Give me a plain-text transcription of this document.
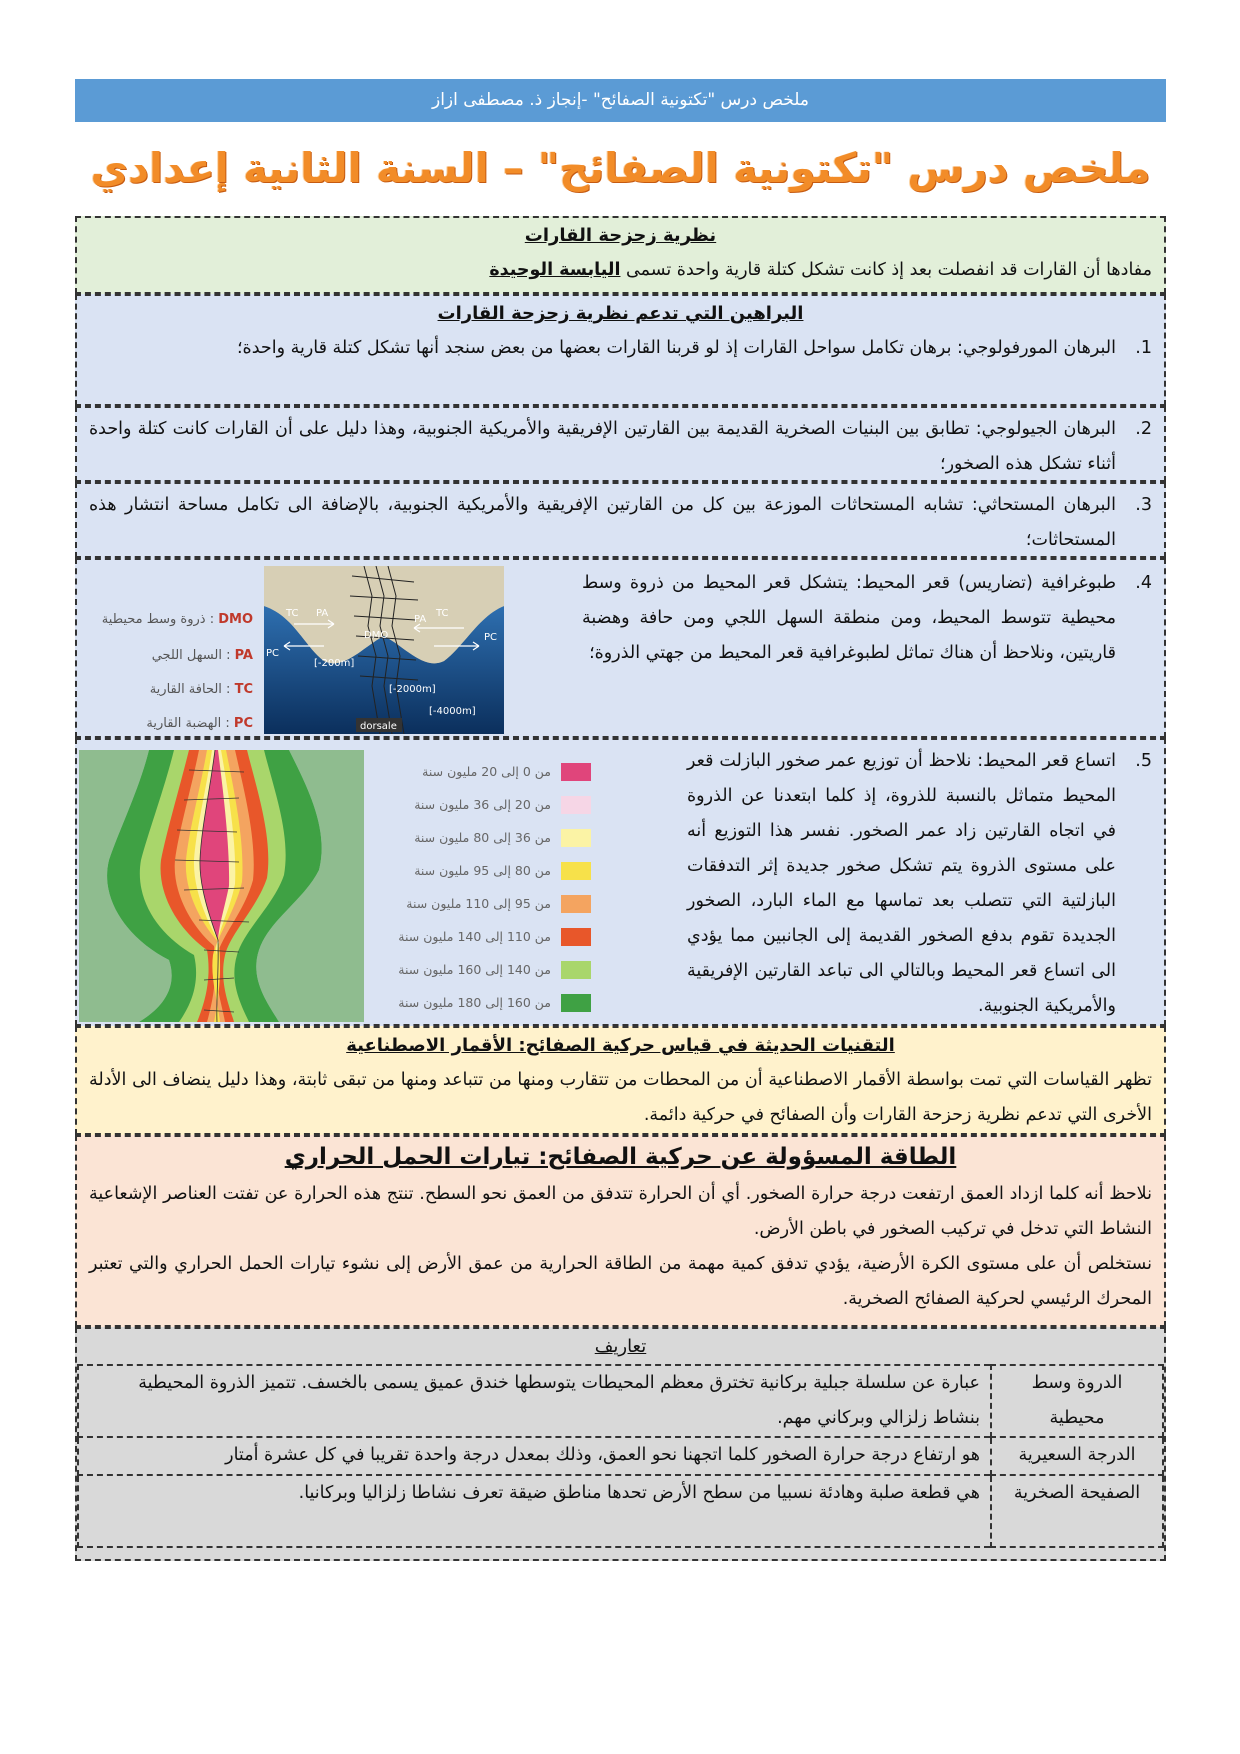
ملخص درس "تكتونية الصفائح" -إنجاز ذ. مصطفى ازاز
ملخص درس "تكتونية الصفائح" – السنة الثانية إعدادي
نظرية زحزحة القارات
مفادها أن القارات قد انفصلت بعد إذ كانت تشكل كتلة قارية واحدة تسمى اليابسة الوحيدة
البراهين التي تدعم نظرية زحزحة القارات
1.
البرهان المورفولوجي: برهان تكامل سواحل القارات إذ لو قربنا القارات بعضها من بعض سنجد أنها تشكل كتلة قارية واحدة؛
2.
البرهان الجيولوجي: تطابق بين البنيات الصخرية القديمة بين القارتين الإفريقية والأمريكية الجنوبية، وهذا دليل على أن القارات كانت كتلة واحدة أثناء تشكل هذه الصخور؛
3.
البرهان المستحاثي: تشابه المستحاثات الموزعة بين كل من القارتين الإفريقية والأمريكية الجنوبية، بالإضافة الى تكامل مساحة انتشار هذه المستحاثات؛
4.
طبوغرافية (تضاريس) قعر المحيط: يتشكل قعر المحيط من ذروة وسط محيطية تتوسط المحيط، ومن منطقة السهل اللجي ومن حافة وهضبة قاريتين، ونلاحظ أن هناك تماثل لطبوغرافية قعر المحيط من جهتي الذروة؛
DMO : ذروة وسط محيطية
PA : السهل اللجي
TC : الحافة القارية
PC : الهضبة القارية
TC PA
DMO
PA
TC
PC
PC
[-200m]
[-2000m]
[-4000m]
dorsale
5.
اتساع قعر المحيط: نلاحظ أن توزيع عمر صخور البازلت قعر المحيط متماثل بالنسبة للذروة، إذ كلما ابتعدنا عن الذروة في اتجاه القارتين زاد عمر الصخور. نفسر هذا التوزيع أنه على مستوى الذروة يتم تشكل صخور جديدة إثر التدفقات البازلتية التي تتصلب بعد تماسها مع الماء البارد، الصخور الجديدة تقوم بدفع الصخور القديمة إلى الجانبين مما يؤدي الى اتساع قعر المحيط وبالتالي الى تباعد القارتين الإفريقية والأمريكية الجنوبية.
من 0 إلى 20 مليون سنة
من 20 إلى 36 مليون سنة
من 36 إلى 80 مليون سنة
من 80 إلى 95 مليون سنة
من 95 إلى 110 مليون سنة
من 110 إلى 140 مليون سنة
من 140 إلى 160 مليون سنة
من 160 إلى 180 مليون سنة
التقنيات الحديثة في قياس حركية الصفائح: الأقمار الاصطناعية
تظهر القياسات التي تمت بواسطة الأقمار الاصطناعية أن من المحطات من تتقارب ومنها من تتباعد ومنها من تبقى ثابتة، وهذا دليل ينضاف الى الأدلة الأخرى التي تدعم نظرية زحزحة القارات وأن الصفائح في حركية دائمة.
الطاقة المسؤولة عن حركية الصفائح: تيارات الحمل الحراري
نلاحظ أنه كلما ازداد العمق ارتفعت درجة حرارة الصخور. أي أن الحرارة تتدفق من العمق نحو السطح. تنتج هذه الحرارة عن تفتت العناصر الإشعاعية النشاط التي تدخل في تركيب الصخور في باطن الأرض.
نستخلص أن على مستوى الكرة الأرضية، يؤدي تدفق كمية مهمة من الطاقة الحرارية من عمق الأرض إلى نشوء تيارات الحمل الحراري والتي تعتبر المحرك الرئيسي لحركية الصفائح الصخرية.
تعاريف
الدروة وسط محيطية	عبارة عن سلسلة جبلية بركانية تخترق معظم المحيطات يتوسطها خندق عميق يسمى بالخسف. تتميز الذروة المحيطية بنشاط زلزالي وبركاني مهم.
الدرجة السعيرية	هو ارتفاع درجة حرارة الصخور كلما اتجهنا نحو العمق، وذلك بمعدل درجة واحدة تقريبا في كل عشرة أمتار
الصفيحة الصخرية	هي قطعة صلبة وهادئة نسبيا من سطح الأرض تحدها مناطق ضيقة تعرف نشاطا زلزاليا وبركانيا.
